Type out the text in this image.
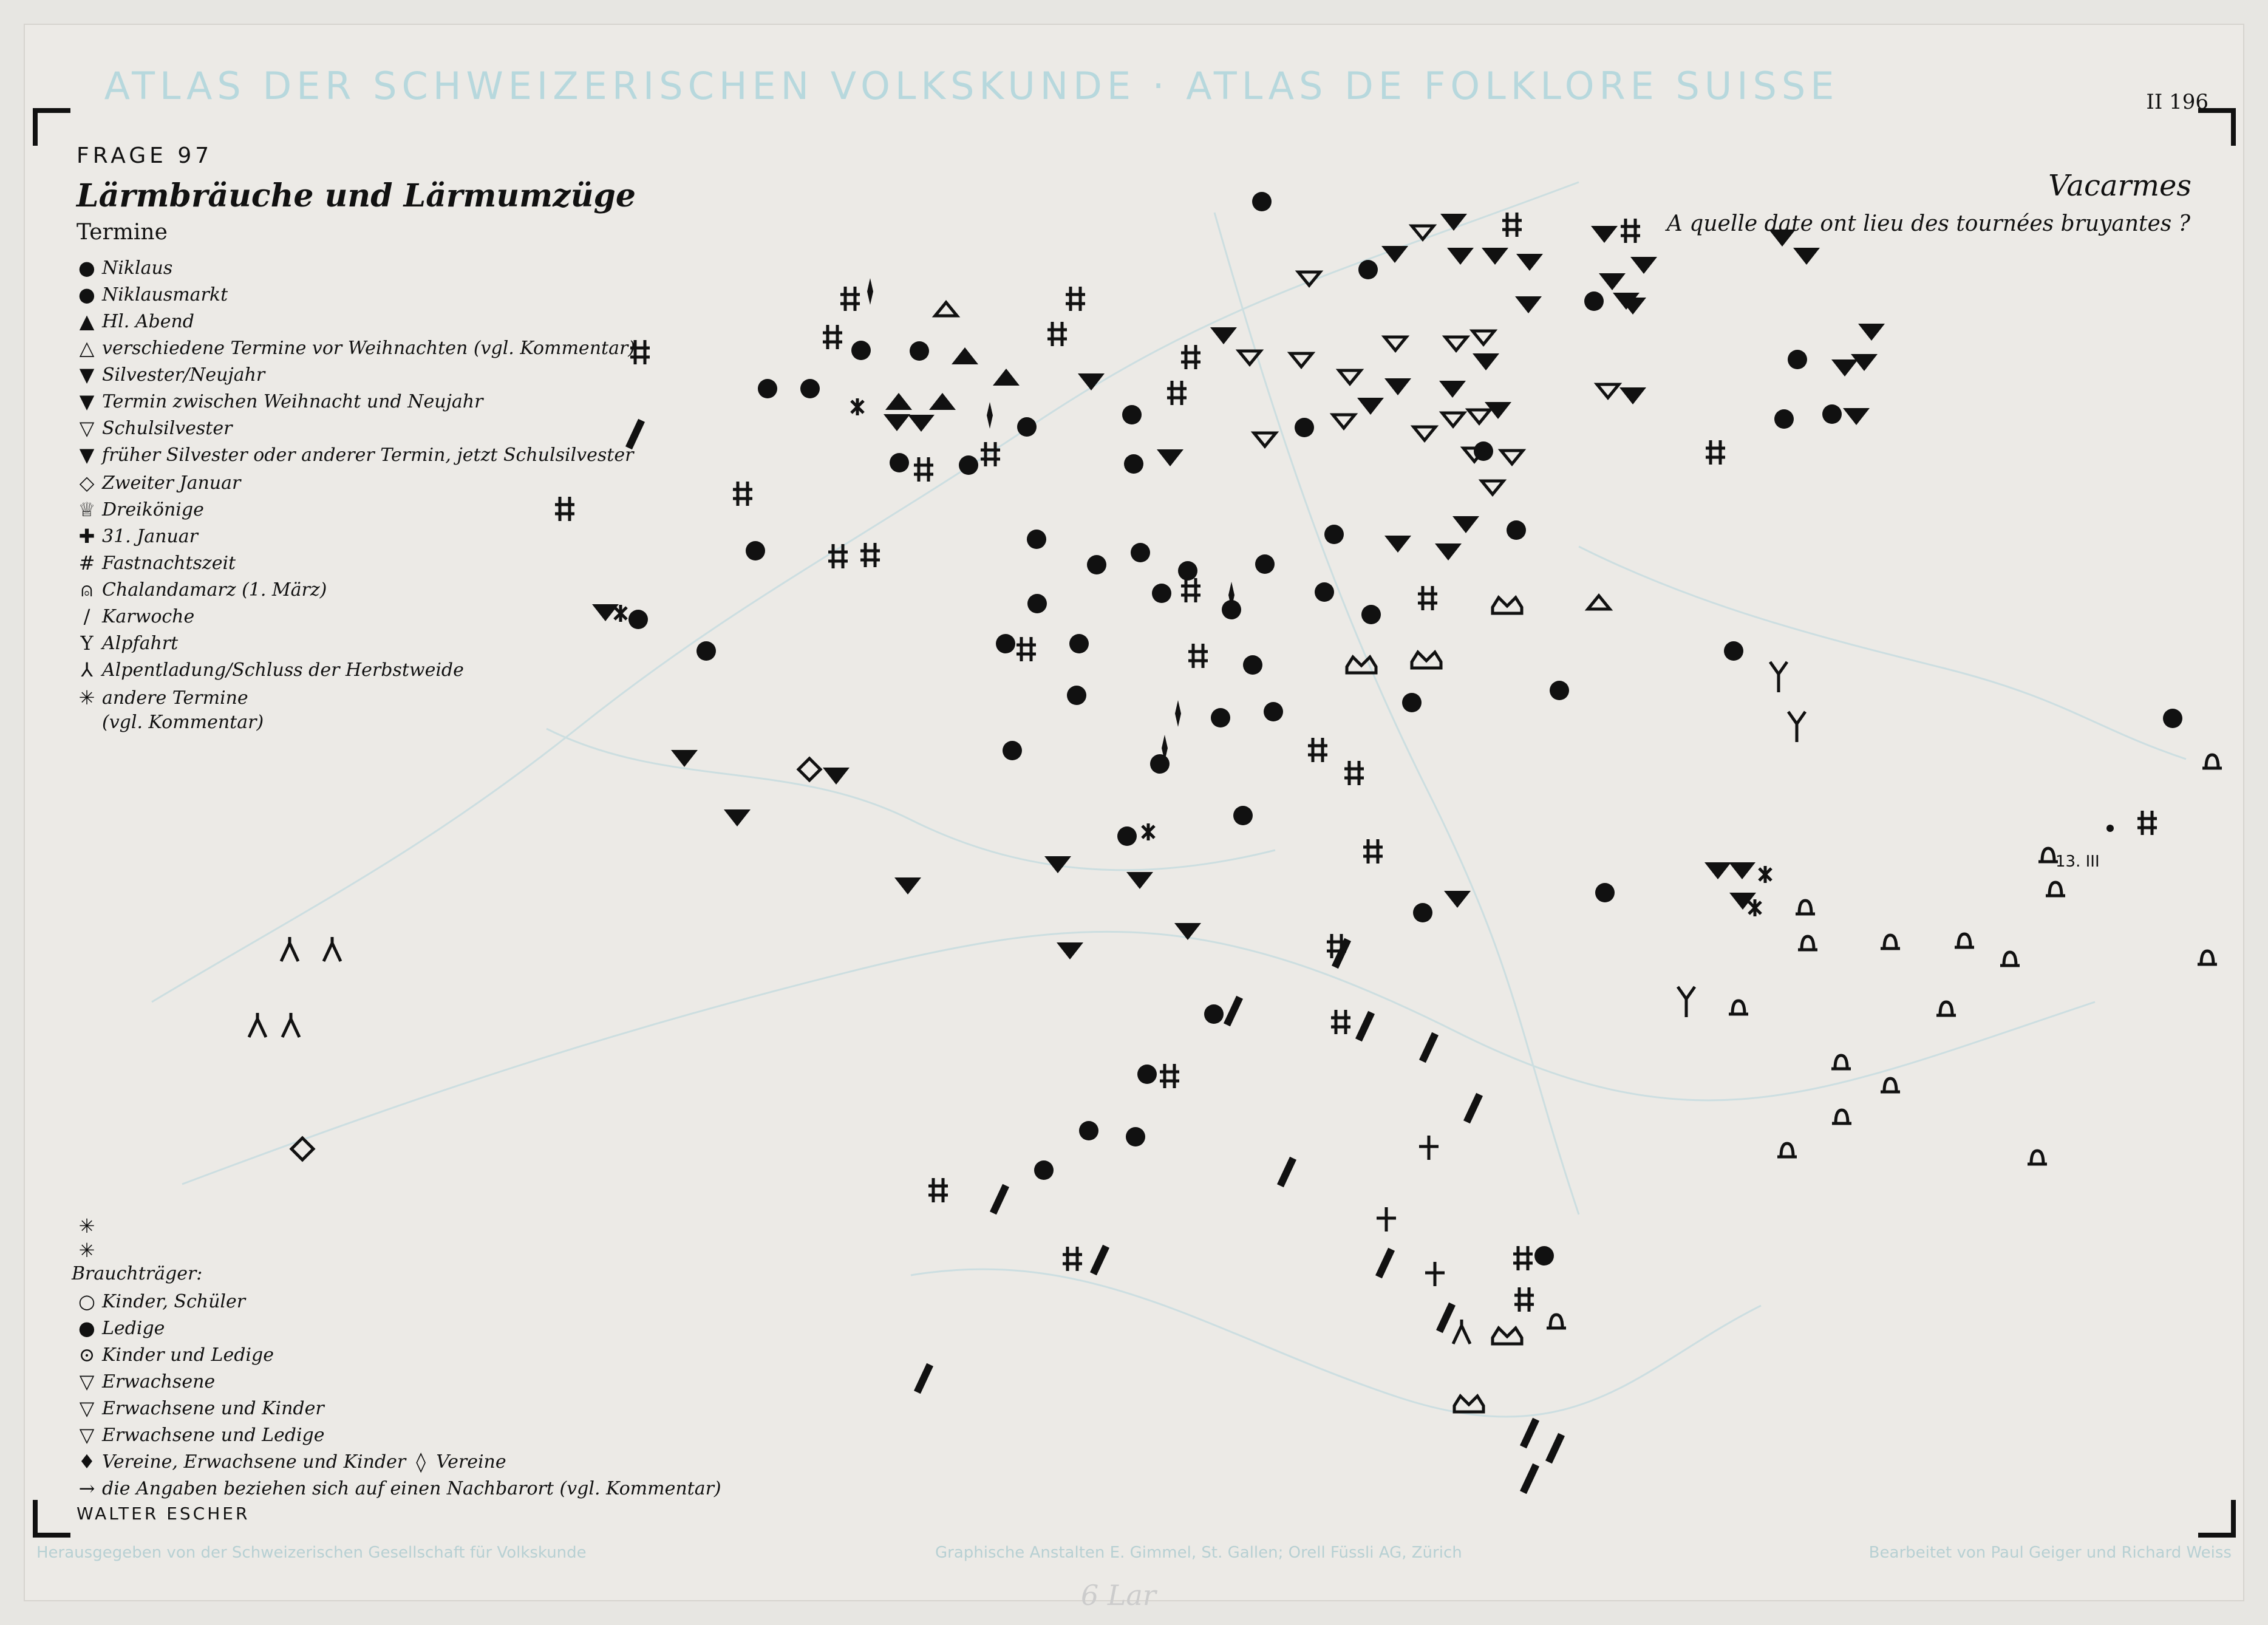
ATLAS DER SCHWEIZERISCHEN VOLKSKUNDE · ATLAS DE FOLKLORE SUISSE	II 196
FRAGE 97
Lärmbräuche und Lärmumzüge
Termine
Vacarmes
A quelle date ont lieu des tournées bruyantes ?
13. III
● Niklaus
● Niklausmarkt
▲ Hl. Abend
△ verschiedene Termine vor Weihnachten (vgl. Kommentar)
▼ Silvester/Neujahr
▼ Termin zwischen Weihnacht und Neujahr
▽ Schulsilvester
▼ früher Silvester oder anderer Termin, jetzt Schulsilvester
◇ Zweiter Januar
♕ Dreikönige
✚ 31. Januar
# Fastnachtszeit
⍝ Chalandamarz (1. März)
/ Karwoche
Y Alpfahrt
⅄ Alpentladung/Schluss der Herbstweide
✳ andere Termine
(vgl. Kommentar)
✳
✳
Brauchträger:
○ Kinder, Schüler
● Ledige
⊙ Kinder und Ledige
▽ Erwachsene
▽ Erwachsene und Kinder
▽ Erwachsene und Ledige
♦ Vereine, Erwachsene und Kinder ◊ Vereine
→ die Angaben beziehen sich auf einen Nachbarort (vgl. Kommentar)
WALTER ESCHER
Herausgegeben von der Schweizerischen Gesellschaft für Volkskunde	Graphische Anstalten E. Gimmel, St. Gallen; Orell Füssli AG, Zürich	Bearbeitet von Paul Geiger und Richard Weiss
6 Lar
